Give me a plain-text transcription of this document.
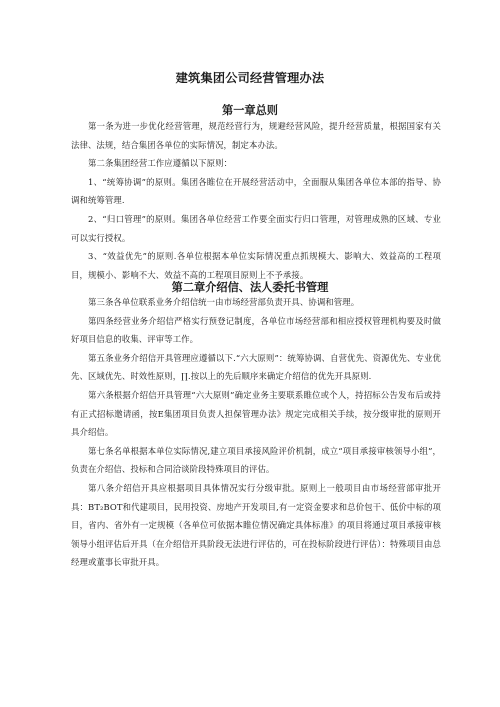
建筑集团公司经营管理办法
第一章总则

第一条为进一步优化经营管理，规范经营行为，规避经营风险，提升经营质量，根据国家有关法律、法规，结合集团各单位的实际情况，制定本办法。

第二条集团经营工作应遵循以下原则：

1、“统筹协调”的原则。集团各睢位在开展经营活动中，全面服从集团各单位本部的指导、协调和统筹管理.

2、“归口管理”的原则。集团各单位经营工作要全面实行归口管理，对管理成熟的区域、专业可以实行授权。

3、“效益优先”的原则.各单位根据本单位实际情况重点抓规模大、影响大、效益高的工程项目，规模小、影响不大、效益不高的工程项目原则上不予承接。

第二章介绍信、法人委托书管理

第三条各单位联系业务介绍信统一由市场经营部负责开具、协调和管理。

第四条经营业务介绍信严格实行预登记制度，各单位市场经营部和相应授权管理机构要及时做好项目信息的收集、评审等工作。

第五条业务介绍信开具管理应遵循以下.“六大原则”：统筹协调、自营优先、资源优先、专业优先、区域优先、时效性原则，∏.按以上的先后顺序来确定介绍信的优先开具原则.

第六条根据介绍信开具管理“六大原则”确定业务主要联系睢位或个人，持招标公告发布后或持有正式招标邀请函，按E集团项目负责人担保管理办法》规定完成相关手续，按分级审批的原则开具介绍信。

第七条名单根据本单位实际情况,建立项目承接风险评价机制，成立“项目承接审核领导小组”，负责在介绍信、投标和合同洽谈阶段特殊项目的评估。

第八条介绍信开具应根据项目具体情况实行分级审批。原则上一般项目由市场经营部审批开具：BT₂BOT和代建项目，民用投资、房地产开发项目,有一定资金要求和总价包干、低价中标的项目，省内、省外有一定规模（各单位可依据本睢位情况确定具体标准》的项目将通过项目承接审核领导小组评估后开具（在介绍信开具阶段无法进行评估的，可在投标阶段进行评估）：特殊项目由总经理或董事长审批开具。
